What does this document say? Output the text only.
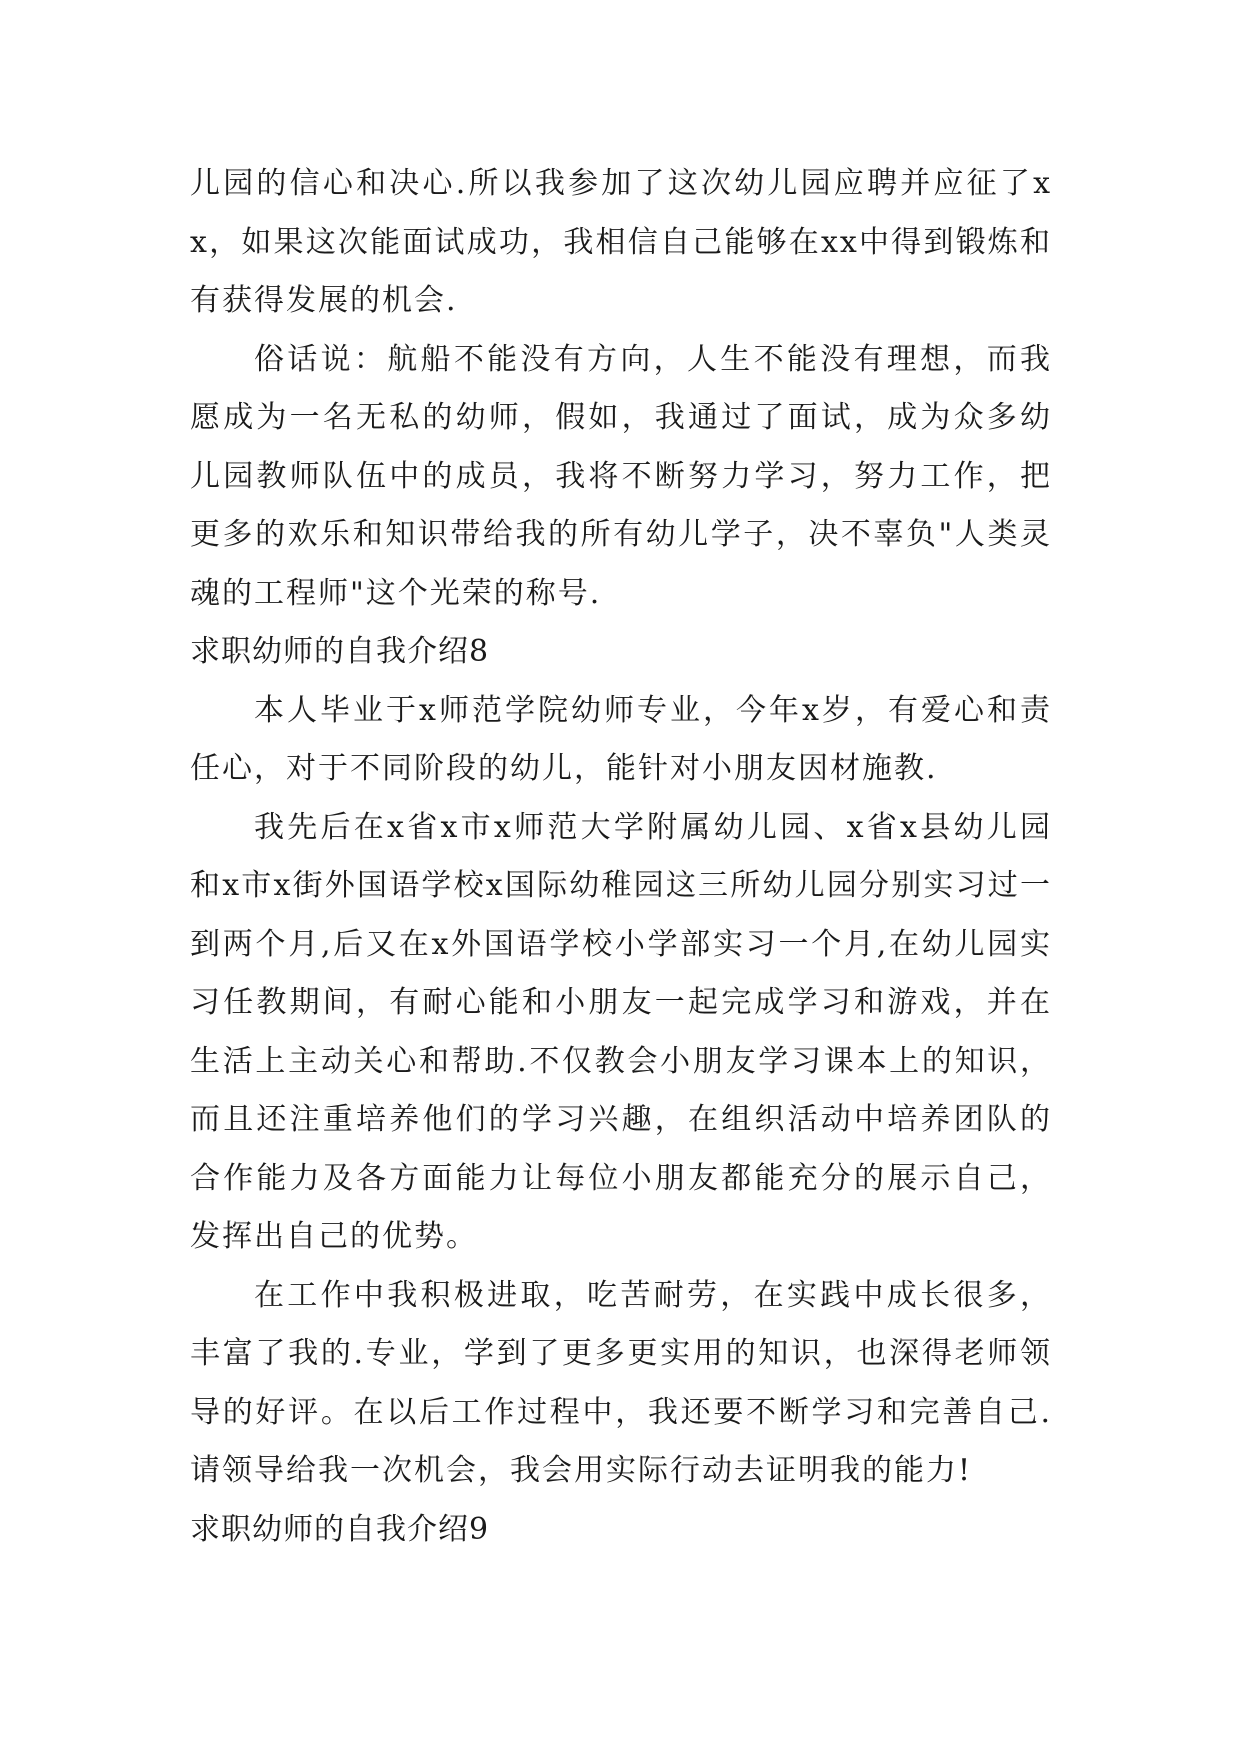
儿园的信心和决心.所以我参加了这次幼儿园应聘并应征了xx，如果这次能面试成功，我相信自己能够在xx中得到锻炼和有获得发展的机会.

俗话说：航船不能没有方向，人生不能没有理想，而我愿成为一名无私的幼师，假如，我通过了面试，成为众多幼儿园教师队伍中的成员，我将不断努力学习，努力工作，把更多的欢乐和知识带给我的所有幼儿学子，决不辜负"人类灵魂的工程师"这个光荣的称号.

求职幼师的自我介绍8

本人毕业于x师范学院幼师专业，今年x岁，有爱心和责任心，对于不同阶段的幼儿，能针对小朋友因材施教.

我先后在x省x市x师范大学附属幼儿园、x省x县幼儿园和x市x街外国语学校x国际幼稚园这三所幼儿园分别实习过一到两个月,后又在x外国语学校小学部实习一个月,在幼儿园实习任教期间，有耐心能和小朋友一起完成学习和游戏，并在生活上主动关心和帮助.不仅教会小朋友学习课本上的知识，而且还注重培养他们的学习兴趣，在组织活动中培养团队的合作能力及各方面能力让每位小朋友都能充分的展示自己，发挥出自己的优势。

在工作中我积极进取，吃苦耐劳，在实践中成长很多，丰富了我的.专业，学到了更多更实用的知识，也深得老师领导的好评。在以后工作过程中，我还要不断学习和完善自己.请领导给我一次机会，我会用实际行动去证明我的能力!

求职幼师的自我介绍9
